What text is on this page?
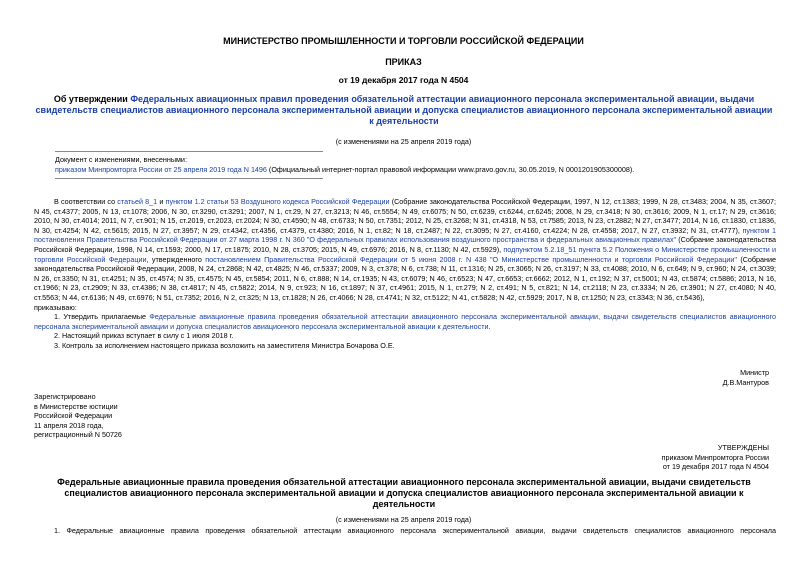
МИНИСТЕРСТВО ПРОМЫШЛЕННОСТИ И ТОРГОВЛИ РОССИЙСКОЙ ФЕДЕРАЦИИ
ПРИКАЗ
от 19 декабря 2017 года N 4504
Об утверждении Федеральных авиационных правил проведения обязательной аттестации авиационного персонала экспериментальной авиации, выдачи свидетельств специалистов авиационного персонала экспериментальной авиации и допуска специалистов авиационного персонала экспериментальной авиации к деятельности
(с изменениями на 25 апреля 2019 года)
Документ с изменениями, внесенными:
приказом Минпромторга России от 25 апреля 2019 года N 1496 (Официальный интернет-портал правовой информации www.pravo.gov.ru, 30.05.2019, N 0001201905300008).

В соответствии со статьей 8_1 и пунктом 1.2 статьи 53 Воздушного кодекса Российской Федерации (Собрание законодательства Российской Федерации, 1997, N 12, ст.1383; 1999, N 28, ст.3483; 2004, N 35, ст.3607; N 45, ст.4377; 2005, N 13, ст.1078; 2006, N 30, ст.3290, ст.3291; 2007, N 1, ст.29, N 27, ст.3213; N 46, ст.5554; N 49, ст.6075; N 50, ст.6239, ст.6244, ст.6245; 2008, N 29, ст.3418; N 30, ст.3616; 2009, N 1, ст.17; N 29, ст.3616; 2010, N 30, ст.4014; 2011, N 7, ст.901; N 15, ст.2019, ст.2023, ст.2024; N 30, ст.4590; N 48, ст.6733; N 50, ст.7351; 2012, N 25, ст.3268; N 31, ст.4318, N 53, ст.7585; 2013, N 23, ст.2882; N 27, ст.3477; 2014, N 16, ст.1830, ст.1836, N 30, ст.4254; N 42, ст.5615; 2015, N 27, ст.3957; N 29, ст.4342, ст.4356, ст.4379, ст.4380; 2016, N 1, ст.82; N 18, ст.2487; N 22, ст.3095; N 27, ст.4160, ст.4224; N 28, ст.4558; 2017, N 27, ст.3932; N 31, ст.4777), пунктом 1 постановления Правительства Российской Федерации от 27 марта 1998 г. N 360 "О федеральных правилах использования воздушного пространства и федеральных авиационных правилах" (Собрание законодательства Российской Федерации, 1998, N 14, ст.1593; 2000, N 17, ст.1875; 2010, N 28, ст.3705; 2015, N 49, ст.6976; 2016, N 8, ст.1130; N 42, ст.5929), подпунктом 5.2.18_51 пункта 5.2 Положения о Министерстве промышленности и торговли Российской Федерации, утвержденного постановлением Правительства Российской Федерации от 5 июня 2008 г. N 438 "О Министерстве промышленности и торговли Российской Федерации" (Собрание законодательства Российской Федерации, 2008, N 24, ст.2868; N 42, ст.4825; N 46, ст.5337; 2009, N 3, ст.378; N 6, ст.738; N 11, ст.1316; N 25, ст.3065; N 26, ст.3197; N 33, ст.4088; 2010, N 6, ст.649; N 9, ст.960; N 24, ст.3039; N 26, ст.3350; N 31, ст.4251; N 35, ст.4574; N 35, ст.4575; N 45, ст.5854; 2011, N 6, ст.888; N 14, ст.1935; N 43, ст.6079; N 46, ст.6523; N 47, ст.6653; ст.6662; 2012, N 1, ст.192; N 37, ст.5001; N 43, ст.5874; ст.5886; 2013, N 16, ст.1966; N 23, ст.2909; N 33, ст.4386; N 38, ст.4817; N 45, ст.5822; 2014, N 9, ст.923; N 16, ст.1897; N 37, ст.4961; 2015, N 1, ст.279; N 2, ст.491; N 5, ст.821; N 14, ст.2118; N 23, ст.3334; N 26, ст.3901; N 27, ст.4080; N 40, ст.5563; N 44, ст.6136; N 49, ст.6976; N 51, ст.7352; 2016, N 2, ст.325; N 13, ст.1828; N 26, ст.4066; N 28, ст.4741; N 32, ст.5122; N 41, ст.5828; N 42, ст.5929; 2017, N 8, ст.1250; N 23, ст.3343; N 36, ст.5436),

приказываю:

1. Утвердить прилагаемые Федеральные авиационные правила проведения обязательной аттестации авиационного персонала экспериментальной авиации, выдачи свидетельств специалистов авиационного персонала экспериментальной авиации и допуска специалистов авиационного персонала экспериментальной авиации к деятельности.

2. Настоящий приказ вступает в силу с 1 июля 2018 г.

3. Контроль за исполнением настоящего приказа возложить на заместителя Министра Бочарова О.Е.

Министр
Д.В.Мантуров
Зарегистрировано
в Министерстве юстиции
Российской Федерации
11 апреля 2018 года,
регистрационный N 50726
УТВЕРЖДЕНЫ
приказом Минпромторга России
от 19 декабря 2017 года N 4504
Федеральные авиационные правила проведения обязательной аттестации авиационного персонала экспериментальной авиации, выдачи свидетельств специалистов авиационного персонала экспериментальной авиации и допуска специалистов авиационного персонала экспериментальной авиации к деятельности
(с изменениями на 25 апреля 2019 года)
1. Федеральные авиационные правила проведения обязательной аттестации авиационного персонала экспериментальной авиации, выдачи свидетельств специалистов авиационного персонала
